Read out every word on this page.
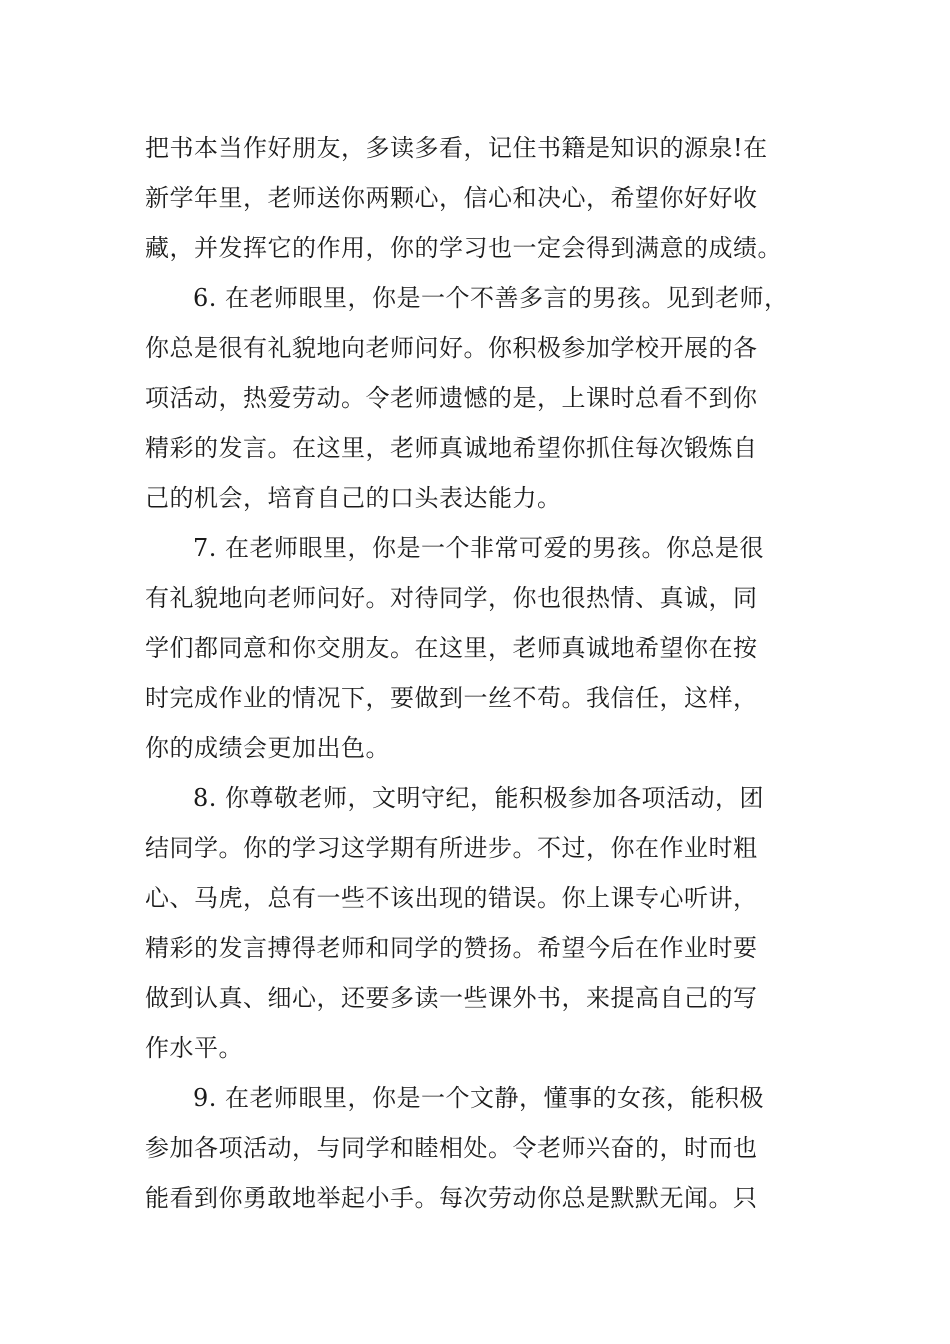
把书本当作好朋友，多读多看，记住书籍是知识的源泉!在
新学年里，老师送你两颗心，信心和决心，希望你好好收
藏，并发挥它的作用，你的学习也一定会得到满意的成绩。
6. 在老师眼里，你是一个不善多言的男孩。见到老师，
你总是很有礼貌地向老师问好。你积极参加学校开展的各
项活动，热爱劳动。令老师遗憾的是，上课时总看不到你
精彩的发言。在这里，老师真诚地希望你抓住每次锻炼自
己的机会，培育自己的口头表达能力。
7. 在老师眼里，你是一个非常可爱的男孩。你总是很
有礼貌地向老师问好。对待同学，你也很热情、真诚，同
学们都同意和你交朋友。在这里，老师真诚地希望你在按
时完成作业的情况下，要做到一丝不苟。我信任，这样，
你的成绩会更加出色。
8. 你尊敬老师，文明守纪，能积极参加各项活动，团
结同学。你的学习这学期有所进步。不过，你在作业时粗
心、马虎，总有一些不该出现的错误。你上课专心听讲，
精彩的发言搏得老师和同学的赞扬。希望今后在作业时要
做到认真、细心，还要多读一些课外书，来提高自己的写
作水平。
9. 在老师眼里，你是一个文静，懂事的女孩，能积极
参加各项活动，与同学和睦相处。令老师兴奋的，时而也
能看到你勇敢地举起小手。每次劳动你总是默默无闻。只
